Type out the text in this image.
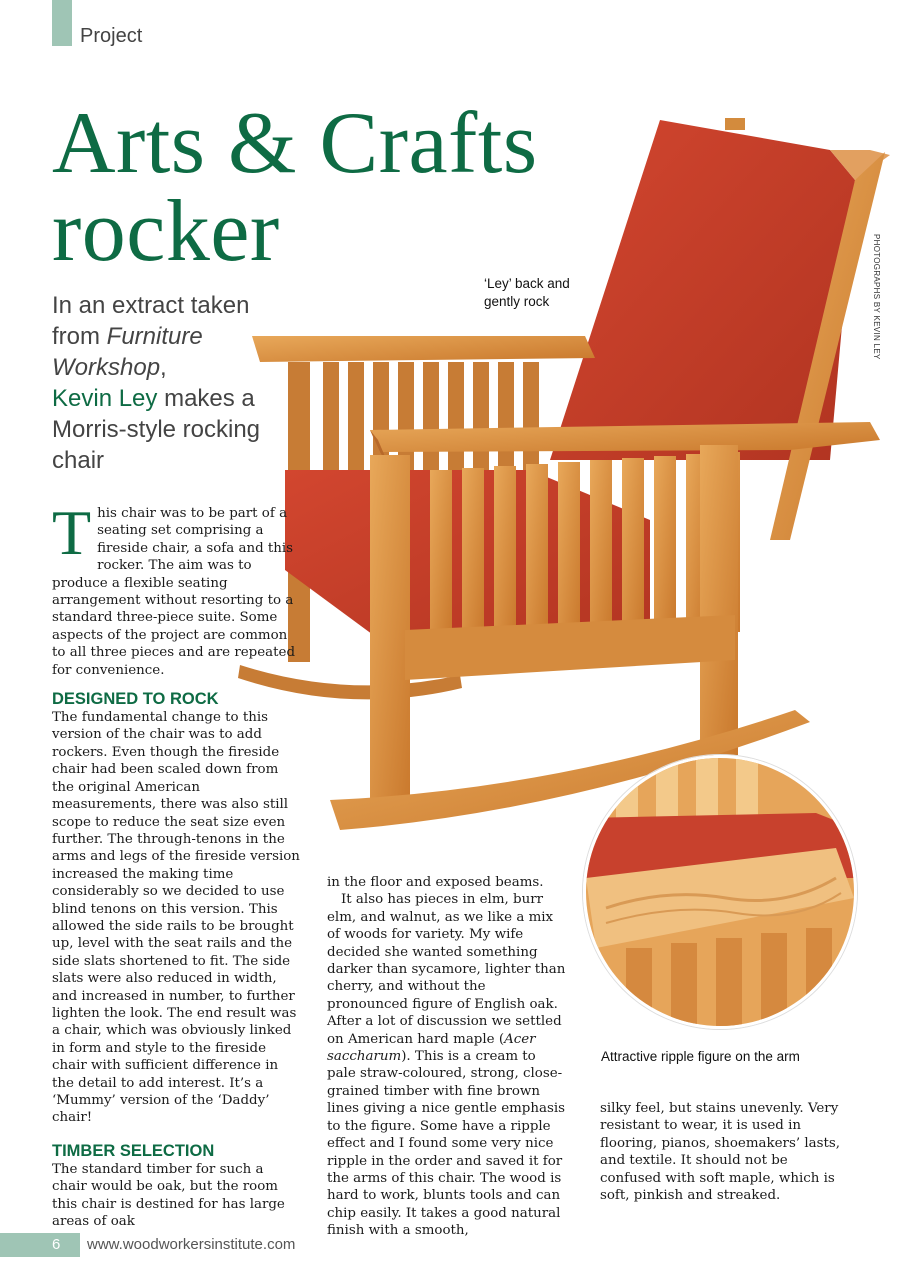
Project
Arts & Crafts
rocker
In an extract taken from Furniture Workshop,
Kevin Ley makes a Morris-style rocking chair
‘Ley’ back and gently rock	PHOTOGRAPHS BY KEVIN LEY
Attractive ripple figure on the arm

This chair was to be part of a seating set comprising a fireside chair, a sofa and this rocker. The aim was to produce a flexible seating arrangement without resorting to a standard three-piece suite. Some aspects of the project are common to all three pieces and are repeated for convenience.

DESIGNED TO ROCK

The fundamental change to this version of the chair was to add rockers. Even though the fireside chair had been scaled down from the original American measurements, there was also still scope to reduce the seat size even further. The through-tenons in the arms and legs of the fireside version increased the making time considerably so we decided to use blind tenons on this version. This allowed the side rails to be brought up, level with the seat rails and the side slats shortened to fit. The side slats were also reduced in width, and increased in number, to further lighten the look. The end result was a chair, which was obviously linked in form and style to the fireside chair with sufficient difference in the detail to add interest. It’s a ‘Mummy’ version of the ‘Daddy’ chair!

TIMBER SELECTION

The standard timber for such a chair would be oak, but the room this chair is destined for has large areas of oak

in the floor and exposed beams.

It also has pieces in elm, burr elm, and walnut, as we like a mix of woods for variety. My wife decided she wanted something darker than sycamore, lighter than cherry, and without the pronounced figure of English oak. After a lot of discussion we settled on American hard maple (Acer saccharum). This is a cream to pale straw-coloured, strong, close-grained timber with fine brown lines giving a nice gentle emphasis to the figure. Some have a ripple effect and I found some very nice ripple in the order and saved it for the arms of this chair. The wood is hard to work, blunts tools and can chip easily. It takes a good natural finish with a smooth,

silky feel, but stains unevenly. Very resistant to wear, it is used in flooring, pianos, shoemakers’ lasts, and textile. It should not be confused with soft maple, which is soft, pinkish and streaked.

6 www.woodworkersinstitute.com
